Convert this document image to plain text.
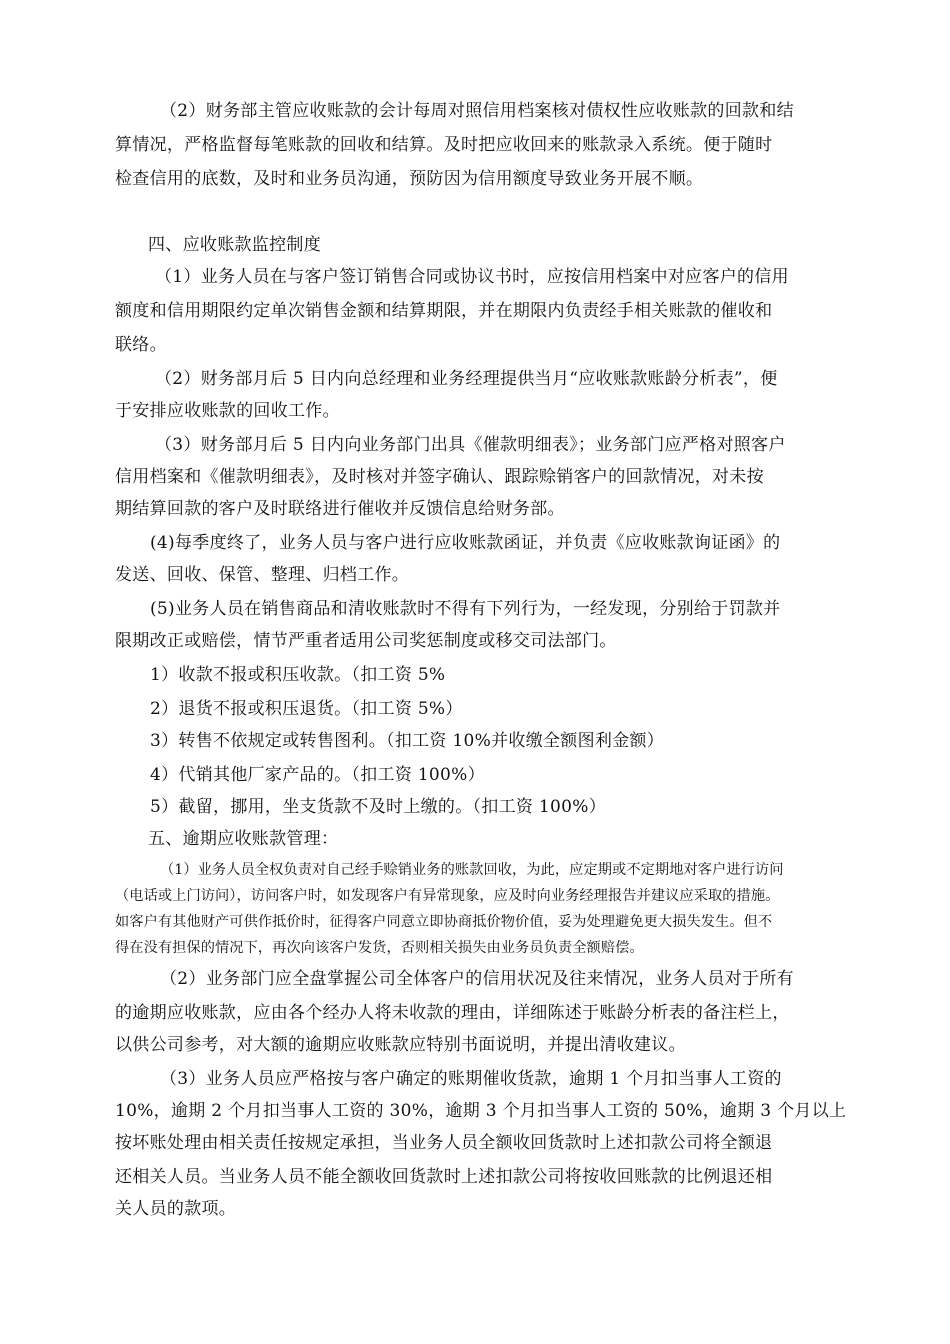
（2）财务部主管应收账款的会计每周对照信用档案核对债权性应收账款的回款和结
算情况，严格监督每笔账款的回收和结算。及时把应收回来的账款录入系统。便于随时
检查信用的底数，及时和业务员沟通，预防因为信用额度导致业务开展不顺。
四、应收账款监控制度
（1）业务人员在与客户签订销售合同或协议书时，应按信用档案中对应客户的信用
额度和信用期限约定单次销售金额和结算期限，并在期限内负责经手相关账款的催收和
联络。
（2）财务部月后 5 日内向总经理和业务经理提供当月“应收账款账龄分析表”，便
于安排应收账款的回收工作。
（3）财务部月后 5 日内向业务部门出具《催款明细表》；业务部门应严格对照客户
信用档案和《催款明细表》，及时核对并签字确认、跟踪赊销客户的回款情况，对未按
期结算回款的客户及时联络进行催收并反馈信息给财务部。
(4)每季度终了，业务人员与客户进行应收账款函证，并负责《应收账款询证函》的
发送、回收、保管、整理、归档工作。
(5)业务人员在销售商品和清收账款时不得有下列行为，一经发现，分别给于罚款并
限期改正或赔偿，情节严重者适用公司奖惩制度或移交司法部门。
1）收款不报或积压收款。（扣工资 5%
2）退货不报或积压退货。（扣工资 5%）
3）转售不依规定或转售图利。（扣工资 10%并收缴全额图利金额）
4）代销其他厂家产品的。（扣工资 100%）
5）截留，挪用，坐支货款不及时上缴的。（扣工资 100%）
五、逾期应收账款管理：
（1）业务人员全权负责对自己经手赊销业务的账款回收，为此，应定期或不定期地对客户进行访问
（电话或上门访问），访问客户时，如发现客户有异常现象，应及时向业务经理报告并建议应采取的措施。
如客户有其他财产可供作抵价时，征得客户同意立即协商抵价物价值，妥为处理避免更大损失发生。但不
得在没有担保的情况下，再次向该客户发货，否则相关损失由业务员负责全额赔偿。
（2）业务部门应全盘掌握公司全体客户的信用状况及往来情况，业务人员对于所有
的逾期应收账款，应由各个经办人将未收款的理由，详细陈述于账龄分析表的备注栏上，
以供公司参考，对大额的逾期应收账款应特别书面说明，并提出清收建议。
（3）业务人员应严格按与客户确定的账期催收货款，逾期 1 个月扣当事人工资的
10%，逾期 2 个月扣当事人工资的 30%，逾期 3 个月扣当事人工资的 50%，逾期 3 个月以上
按坏账处理由相关责任按规定承担，当业务人员全额收回货款时上述扣款公司将全额退
还相关人员。当业务人员不能全额收回货款时上述扣款公司将按收回账款的比例退还相
关人员的款项。
